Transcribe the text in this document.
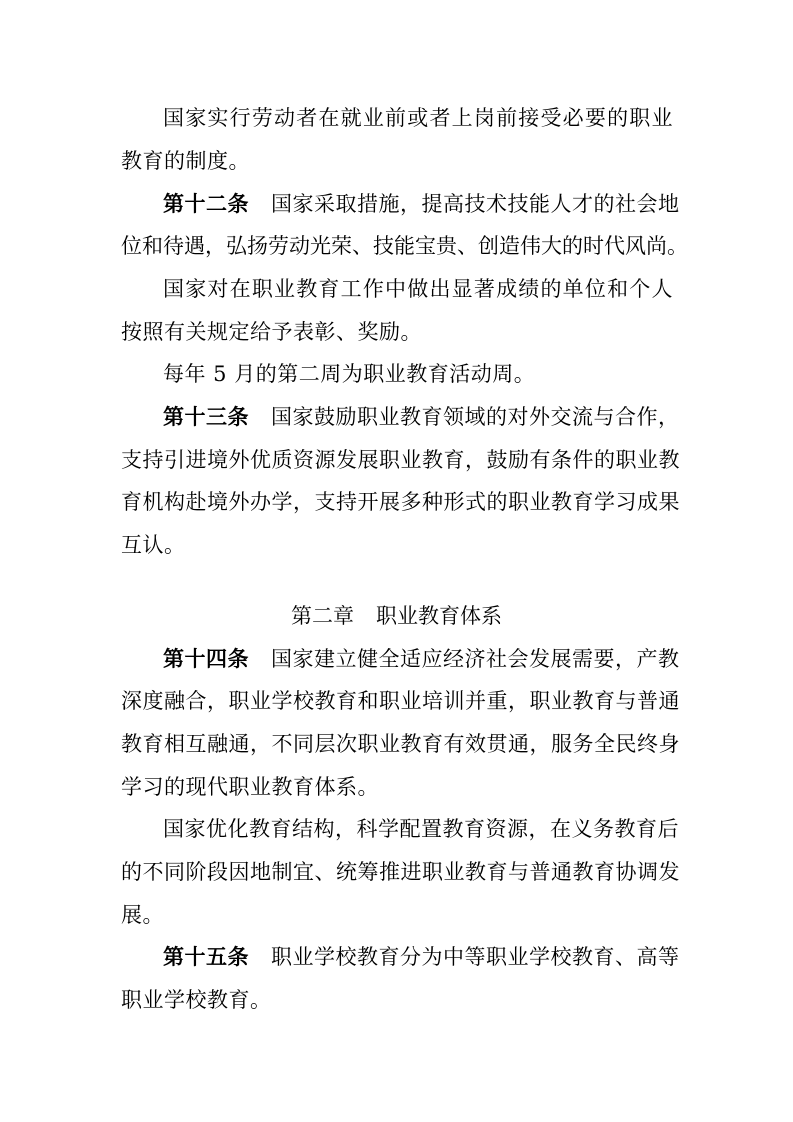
国家实行劳动者在就业前或者上岗前接受必要的职业
教育的制度。
第十二条 国家采取措施，提高技术技能人才的社会地
位和待遇，弘扬劳动光荣、技能宝贵、创造伟大的时代风尚。
国家对在职业教育工作中做出显著成绩的单位和个人
按照有关规定给予表彰、奖励。
每年 5 月的第二周为职业教育活动周。
第十三条 国家鼓励职业教育领域的对外交流与合作，
支持引进境外优质资源发展职业教育，鼓励有条件的职业教
育机构赴境外办学，支持开展多种形式的职业教育学习成果
互认。
第二章 职业教育体系
第十四条 国家建立健全适应经济社会发展需要，产教
深度融合，职业学校教育和职业培训并重，职业教育与普通
教育相互融通，不同层次职业教育有效贯通，服务全民终身
学习的现代职业教育体系。
国家优化教育结构，科学配置教育资源，在义务教育后
的不同阶段因地制宜、统筹推进职业教育与普通教育协调发
展。
第十五条 职业学校教育分为中等职业学校教育、高等
职业学校教育。
